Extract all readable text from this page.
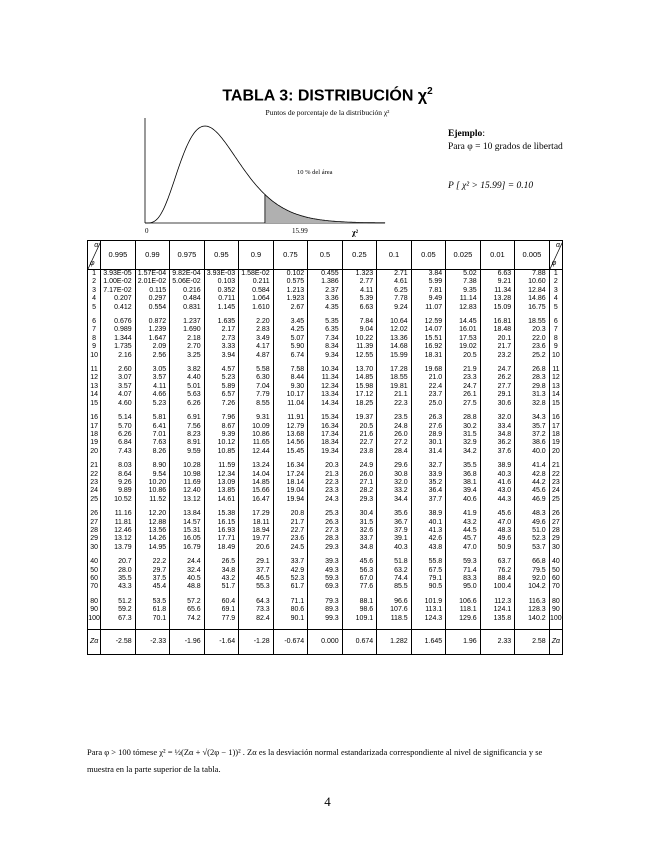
TABLA 3: DISTRIBUCIÓN $\chi^2$
Puntos de porcentaje de la distribución χ²
0	15.99
10 % del área
χ²
Ejemplo:
Para φ = 10 grados de libertad
P [ χ² > 15.99] = 0.10
α
φ	0.995	0.99	0.975	0.95	0.9	0.75	0.5	0.25	0.1	0.05	0.025	0.01	0.005	α
φ

1	3.93E-05	1.57E-04	9.82E-04	3.93E-03	1.58E-02	0.102	0.455	1.323	2.71	3.84	5.02	6.63	7.88	1
2	1.00E-02	2.01E-02	5.06E-02	0.103	0.211	0.575	1.386	2.77	4.61	5.99	7.38	9.21	10.60	2
3	7.17E-02	0.115	0.216	0.352	0.584	1.213	2.37	4.11	6.25	7.81	9.35	11.34	12.84	3
4	0.207	0.297	0.484	0.711	1.064	1.923	3.36	5.39	7.78	9.49	11.14	13.28	14.86	4
5	0.412	0.554	0.831	1.145	1.610	2.67	4.35	6.63	9.24	11.07	12.83	15.09	16.75	5

6	0.676	0.872	1.237	1.635	2.20	3.45	5.35	7.84	10.64	12.59	14.45	16.81	18.55	6
7	0.989	1.239	1.690	2.17	2.83	4.25	6.35	9.04	12.02	14.07	16.01	18.48	20.3	7
8	1.344	1.647	2.18	2.73	3.49	5.07	7.34	10.22	13.36	15.51	17.53	20.1	22.0	8
9	1.735	2.09	2.70	3.33	4.17	5.90	8.34	11.39	14.68	16.92	19.02	21.7	23.6	9
10	2.16	2.56	3.25	3.94	4.87	6.74	9.34	12.55	15.99	18.31	20.5	23.2	25.2	10

11	2.60	3.05	3.82	4.57	5.58	7.58	10.34	13.70	17.28	19.68	21.9	24.7	26.8	11
12	3.07	3.57	4.40	5.23	6.30	8.44	11.34	14.85	18.55	21.0	23.3	26.2	28.3	12
13	3.57	4.11	5.01	5.89	7.04	9.30	12.34	15.98	19.81	22.4	24.7	27.7	29.8	13
14	4.07	4.66	5.63	6.57	7.79	10.17	13.34	17.12	21.1	23.7	26.1	29.1	31.3	14
15	4.60	5.23	6.26	7.26	8.55	11.04	14.34	18.25	22.3	25.0	27.5	30.6	32.8	15

16	5.14	5.81	6.91	7.96	9.31	11.91	15.34	19.37	23.5	26.3	28.8	32.0	34.3	16
17	5.70	6.41	7.56	8.67	10.09	12.79	16.34	20.5	24.8	27.6	30.2	33.4	35.7	17
18	6.26	7.01	8.23	9.39	10.86	13.68	17.34	21.6	26.0	28.9	31.5	34.8	37.2	18
19	6.84	7.63	8.91	10.12	11.65	14.56	18.34	22.7	27.2	30.1	32.9	36.2	38.6	19
20	7.43	8.26	9.59	10.85	12.44	15.45	19.34	23.8	28.4	31.4	34.2	37.6	40.0	20

21	8.03	8.90	10.28	11.59	13.24	16.34	20.3	24.9	29.6	32.7	35.5	38.9	41.4	21
22	8.64	9.54	10.98	12.34	14.04	17.24	21.3	26.0	30.8	33.9	36.8	40.3	42.8	22
23	9.26	10.20	11.69	13.09	14.85	18.14	22.3	27.1	32.0	35.2	38.1	41.6	44.2	23
24	9.89	10.86	12.40	13.85	15.66	19.04	23.3	28.2	33.2	36.4	39.4	43.0	45.6	24
25	10.52	11.52	13.12	14.61	16.47	19.94	24.3	29.3	34.4	37.7	40.6	44.3	46.9	25

26	11.16	12.20	13.84	15.38	17.29	20.8	25.3	30.4	35.6	38.9	41.9	45.6	48.3	26
27	11.81	12.88	14.57	16.15	18.11	21.7	26.3	31.5	36.7	40.1	43.2	47.0	49.6	27
28	12.46	13.56	15.31	16.93	18.94	22.7	27.3	32.6	37.9	41.3	44.5	48.3	51.0	28
29	13.12	14.26	16.05	17.71	19.77	23.6	28.3	33.7	39.1	42.6	45.7	49.6	52.3	29
30	13.79	14.95	16.79	18.49	20.6	24.5	29.3	34.8	40.3	43.8	47.0	50.9	53.7	30

40	20.7	22.2	24.4	26.5	29.1	33.7	39.3	45.6	51.8	55.8	59.3	63.7	66.8	40
50	28.0	29.7	32.4	34.8	37.7	42.9	49.3	56.3	63.2	67.5	71.4	76.2	79.5	50
60	35.5	37.5	40.5	43.2	46.5	52.3	59.3	67.0	74.4	79.1	83.3	88.4	92.0	60
70	43.3	45.4	48.8	51.7	55.3	61.7	69.3	77.6	85.5	90.5	95.0	100.4	104.2	70

80	51.2	53.5	57.2	60.4	64.3	71.1	79.3	88.1	96.6	101.9	106.6	112.3	116.3	80
90	59.2	61.8	65.6	69.1	73.3	80.6	89.3	98.6	107.6	113.1	118.1	124.1	128.3	90
100	67.3	70.1	74.2	77.9	82.4	90.1	99.3	109.1	118.5	124.3	129.6	135.8	140.2	100

Zα	-2.58	-2.33	-1.96	-1.64	-1.28	-0.674	0.000	0.674	1.282	1.645	1.96	2.33	2.58	Zα
Para φ > 100 tómese χ² = ½(Zα + √(2φ − 1))² . Zα es la desviación normal estandarizada correspondiente al nivel de significancia y se muestra en la parte superior de la tabla.
4
